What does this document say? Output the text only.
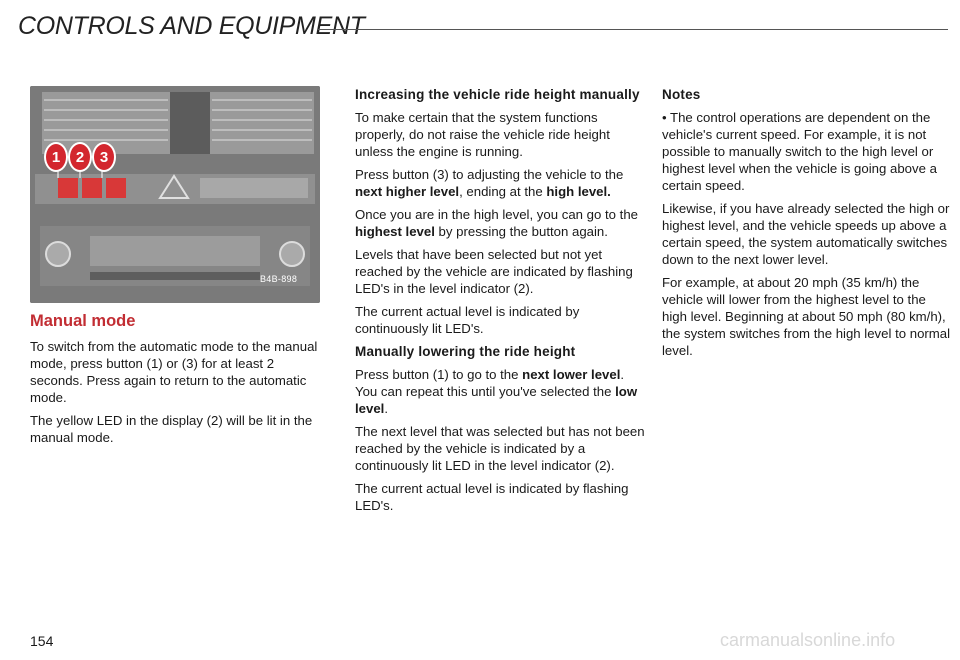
CONTROLS AND EQUIPMENT
1	2	3
B4B-898
Manual mode

To switch from the automatic mode to the manual mode, press button (1) or (3) for at least 2 seconds. Press again to return to the automatic mode.

The yellow LED in the display (2) will be lit in the manual mode.

Increasing the vehicle ride height manually

To make certain that the system functions properly, do not raise the vehicle ride height unless the engine is running.

Press button (3) to adjusting the vehicle to the next higher level, ending at the high level.

Once you are in the high level, you can go to the highest level by pressing the button again.

Levels that have been selected but not yet reached by the vehicle are indicated by flashing LED's in the level indicator (2).

The current actual level is indicated by continuously lit LED's.

Manually lowering the ride height

Press button (1) to go to the next lower level. You can repeat this until you've selected the low level.

The next level that was selected but has not been reached by the vehicle is indicated by a continuously lit LED in the level indicator (2).

The current actual level is indicated by flashing LED's.

Notes

• The control operations are dependent on the vehicle's current speed. For example, it is not possible to manually switch to the high level or highest level when the vehicle is going above a certain speed.

Likewise, if you have already selected the high or highest level, and the vehicle speeds up above a certain speed, the system automatically switches down to the next lower level.

For example, at about 20 mph (35 km/h) the vehicle will lower from the highest level to the high level. Beginning at about 50 mph (80 km/h), the system switches from the high level to normal level.

154	carmanualsonline.info
